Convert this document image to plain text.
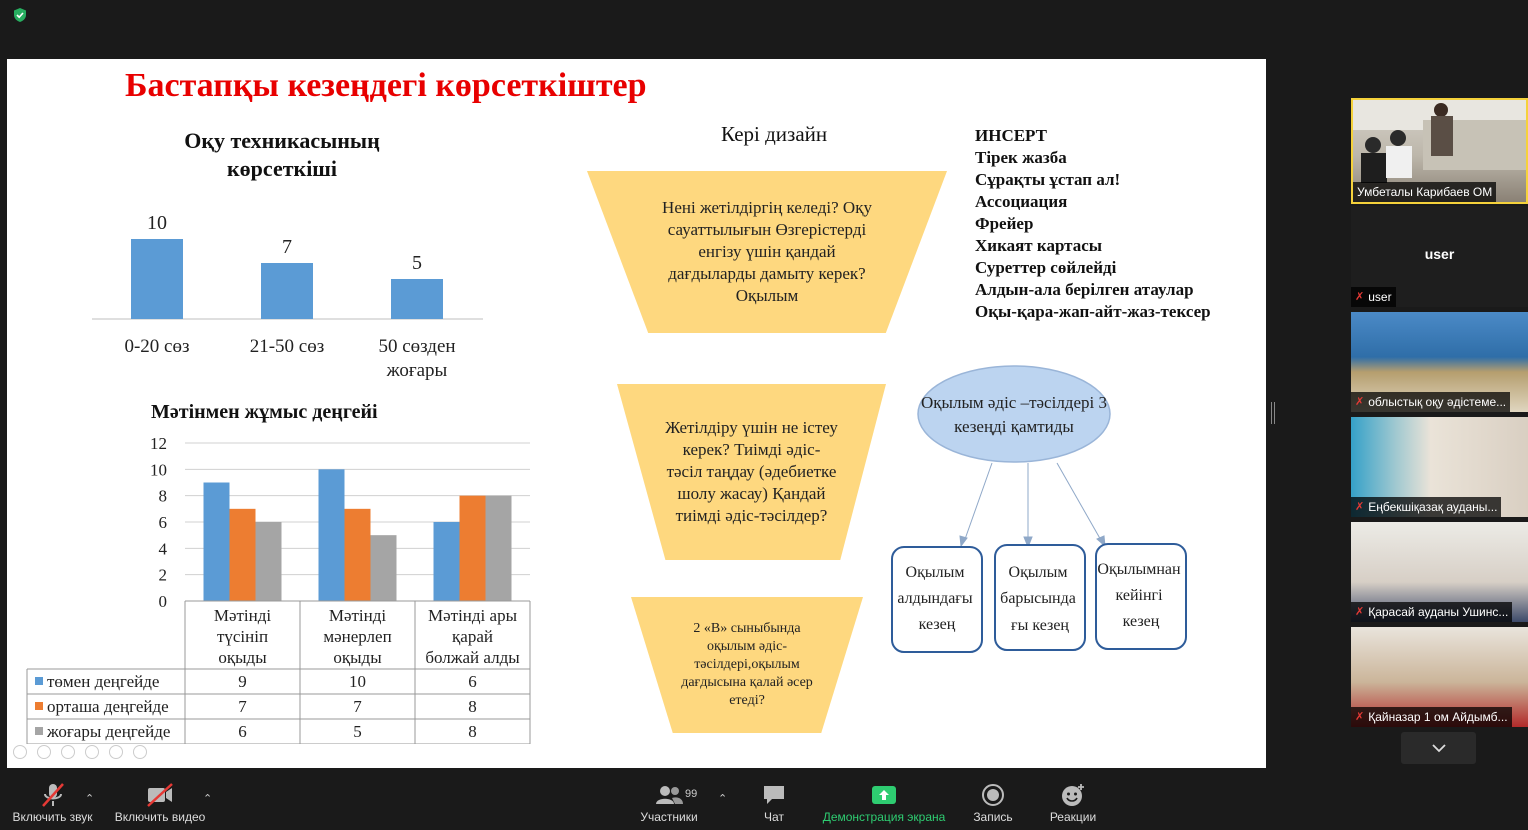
Бастапқы кезеңдегі көрсеткіштер
Оқу техникасының
көрсеткіші
10
0-20 сөз
7
21-50 сөз
5
50 сөзден
жоғары
Мәтінмен жұмыс деңгейі
0
2
4
6
8
10
12
Мәтінді
түсініп
оқыды
Мәтінді
мәнерлеп
оқыды
Мәтінді ары
қарай
болжай алды
төмен деңгейде	9	10	6
орташа деңгейде	7	7	8
жоғары деңгейде	6	5	8
Кері дизайн
Нені жетілдіргің келеді? Оқу сауаттылығын Өзгерістерді енгізу үшін қандай дағдыларды дамыту керек? Оқылым
Жетілдіру үшін не істеу керек? Тиімді әдіс-тәсіл таңдау (әдебиетке шолу жасау) Қандай тиімді әдіс-тәсілдер?
2 «В» сыныбында оқылым әдіс-тәсілдері,оқылым дағдысына қалай әсер етеді?
ИНСЕРТ
Тірек жазба
Сұрақты ұстап ал!
Ассоциация
Фрейер
Хикаят картасы
Суреттер сөйлейді
Алдын-ала берілген атаулар
Оқы-қара-жап-айт-жаз-тексер
Оқылым әдіс –тәсілдері 3
кезеңді қамтиды
Оқылым алдындағы кезең
Оқылым барысында ғы кезең
Оқылымнан кейінгі кезең
Умбеталы Карибаев ОМ
user
✗ user
✗ облыстық оқу әдістеме...
✗ Еңбекшіқазақ ауданы...
✗ Қарасай ауданы Ушинс...
✗ Қайназар 1 ом Айдымб...
Включить звук
⌃
Включить видео
⌃
Участники
⌃
Чат	Демонстрация экрана Запись	Реакции
99
